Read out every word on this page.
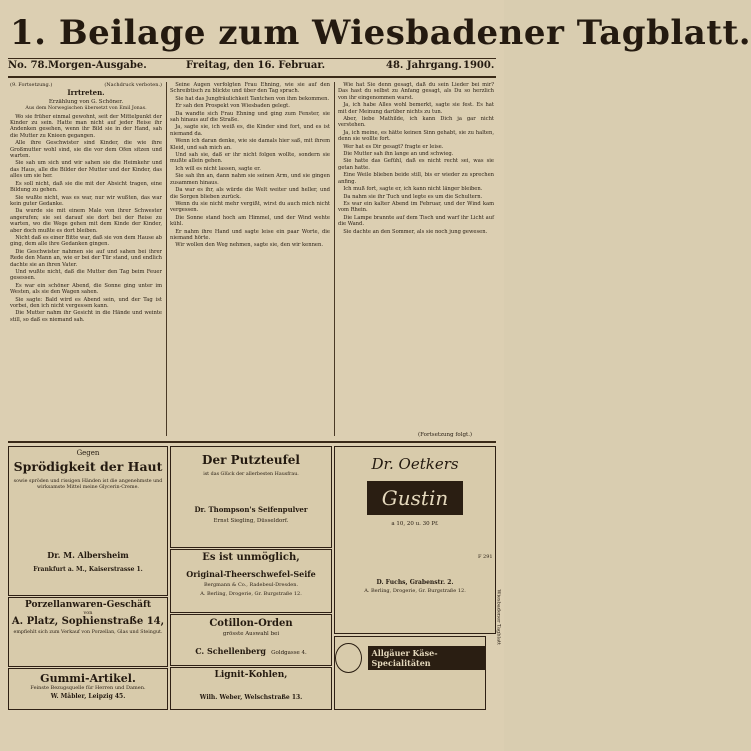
1. Beilage zum Wiesbadener Tagblatt.
No. 78. Morgen-Ausgabe.	Freitag, den 16. Februar.	48. Jahrgang. 1900.
(9. Fortsetzung.)	(Nachdruck verboten.)
Irrtreten.
Erzählung von G. Schöner.
Aus dem Norwegischen übersetzt von Emil Jonas.

 Wo sie früher einmal gewohnt, seit der Mittelpunkt der Kinder zu sein. Hatte man nicht auf jeder Reise ihr Andenken gesehen, wenn ihr Bild sie in der Hand, sah die Mutter zu Knieen gegangen.

 Alle ihre Geschwister sind Kinder, die wie ihre Großmutter wohl sind, sie die vor dem Ofen sitzen und warten.

 Sie sah um sich und wir sahen sie die Heimkehr und das Haus, alle die Bilder der Mutter und der Kinder, das alles um sie her.

 Es soll nicht, daß sie die mit der Absicht tragen, eine Bildung zu gehen.

 Sie wußte nicht, was es war, nur wir wußten, das war kein guter Gedanke.

 Da wurde sie mit einem Male von ihrer Schwester angerufen; sie sei darauf sie dort bei der Reise zu warten, wo die Wege gehen mit dem Kinde der Kinder, aber doch mußte es dort bleiben.

 Nicht daß es einer Bitte war, daß sie von dem Hause ab ging, dem alle ihre Gedanken gingen.

 Die Geschwister nahmen sie auf und sahen bei ihrer Rede den Mann an, wie er bei der Tür stand, und endlich dachte sie an ihren Vater.

 Und wußte nicht, daß die Mutter den Tag beim Feuer gesessen.

 Es war ein schöner Abend, die Sonne ging unter im Westen, als sie den Wagen sahen.

 Sie sagte: Bald wird es Abend sein, und der Tag ist vorbei, den ich nicht vergessen kann.

 Die Mutter nahm ihr Gesicht in die Hände und weinte still, so daß es niemand sah.

 Seine Augen verfolgten Frau Ehning, wie sie auf den Schreibtisch zu blickte und über den Tag sprach.

 Sie hat das Jungfräulichkeit Tantchen von ihm bekommen.

 Er sah den Prospekt von Wiesbaden gelegt.

 Da wandte sich Frau Ehning und ging zum Fenster, sie sah hinaus auf die Straße.

 Ja, sagte sie, ich weiß es, die Kinder sind fort, und es ist niemand da.

 Wenn ich daran denke, wie sie damals hier saß, mit ihrem Kleid, und sah mich an.

 Und sah sie, daß er ihr nicht folgen wollte, sondern sie mußte allein gehen.

 Ich will es nicht lassen, sagte er.

 Sie sah ihn an, dann nahm sie seinen Arm, und sie gingen zusammen hinaus.

 Da war es ihr, als würde die Welt weiter und heller, und die Sorgen blieben zurück.

 Wenn du sie nicht mehr vergißt, wirst du auch mich nicht vergessen.

 Die Sonne stand hoch am Himmel, und der Wind wehte kühl.

 Er nahm ihre Hand und sagte leise ein paar Worte, die niemand hörte.

 Wir wollen den Weg nehmen, sagte sie, den wir kennen.

 Wie hat Sie denn gesagt, daß du sein Lieder bei mir? Das hast du selbst zu Anfang gesagt, als Du so herzlich von ihr eingenommen warst.

 Ja, ich habe Alles wohl bemerkt, sagte sie fest. Es hat mit der Meinung darüber nichts zu tun.

 Aber, liebe Mathilde, ich kann Dich ja gar nicht verstehen.

 Ja, ich meine, es hätte keinen Sinn gehabt, sie zu halten, denn sie wollte fort.

 Wer hat es Dir gesagt? fragte er leise.

 Die Mutter sah ihn lange an und schwieg.

 Sie hatte das Gefühl, daß es nicht recht sei, was sie getan hatte.

 Eine Weile blieben beide still, bis er wieder zu sprechen anfing.

 Ich muß fort, sagte er, ich kann nicht länger bleiben.

 Da nahm sie ihr Tuch und legte es um die Schultern.

 Es war ein kalter Abend im Februar, und der Wind kam vom Rhein.

 Die Lampe brannte auf dem Tisch und warf ihr Licht auf die Wand.

 Sie dachte an den Sommer, als sie noch jung gewesen.

(Fortsetzung folgt.)
Gegen
Sprödigkeit der Haut
sowie spröden und rissigen Händen ist die angenehmste und wirksamste Mittel meine Glycerin-Creme.
Dr. M. Albersheim
Frankfurt a. M., Kaiserstrasse 1.
Porzellanwaren-Geschäft
von
A. Platz, Sophienstraße 14,
empfiehlt sich zum Verkauf von Porzellan, Glas und Steingut.
Gummi-Artikel.
Feinste Bezugsquelle für Herren und Damen.
W. Mäbler, Leipzig 45.
Der Putzteufel
ist das Glück der allerbesten Hausfrau.
Dr. Thompson's Seifenpulver
Ernst Siegling, Düsseldorf.
Es ist unmöglich,
Original-Theerschwefel-Seife
Bergmann & Co., Radebeul-Dresden.
A. Berling, Drogerie, Gr. Burgstraße 12.
Cotillon-Orden
grösste Auswahl bei
C. Schellenberg Goldgasse 4.
Lignit-Kohlen,
Wilh. Weber, Welschstraße 13.
Dr. Oetkers
Gustin
a 10, 20 u. 30 Pf.
D. Fuchs, Grabenstr. 2.
A. Berling, Drogerie, Gr. Burgstraße 12.
Allgäuer Käse-Specialitäten
F 291
Wiesbadener Tagblatt
